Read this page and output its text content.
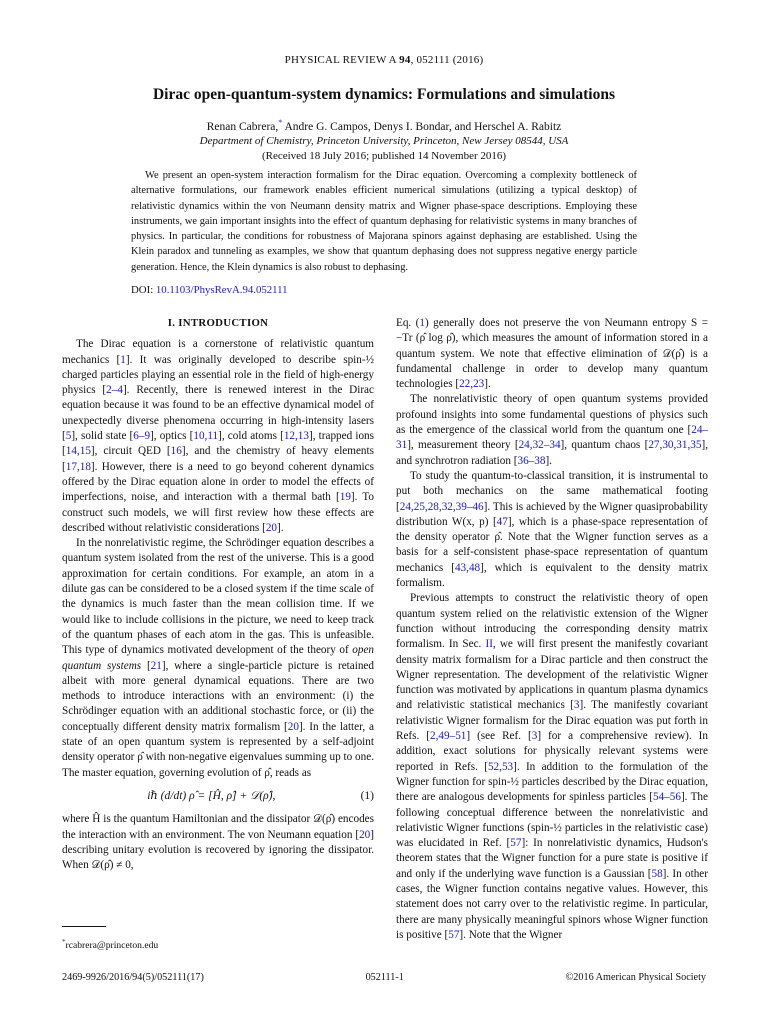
PHYSICAL REVIEW A 94, 052111 (2016)
Dirac open-quantum-system dynamics: Formulations and simulations
Renan Cabrera,* Andre G. Campos, Denys I. Bondar, and Herschel A. Rabitz
Department of Chemistry, Princeton University, Princeton, New Jersey 08544, USA
(Received 18 July 2016; published 14 November 2016)
We present an open-system interaction formalism for the Dirac equation. Overcoming a complexity bottleneck of alternative formulations, our framework enables efficient numerical simulations (utilizing a typical desktop) of relativistic dynamics within the von Neumann density matrix and Wigner phase-space descriptions. Employing these instruments, we gain important insights into the effect of quantum dephasing for relativistic systems in many branches of physics. In particular, the conditions for robustness of Majorana spinors against dephasing are established. Using the Klein paradox and tunneling as examples, we show that quantum dephasing does not suppress negative energy particle generation. Hence, the Klein dynamics is also robust to dephasing.
DOI: 10.1103/PhysRevA.94.052111
I. INTRODUCTION

The Dirac equation is a cornerstone of relativistic quantum mechanics [1]. It was originally developed to describe spin-½ charged particles playing an essential role in the field of high-energy physics [2–4]. Recently, there is renewed interest in the Dirac equation because it was found to be an effective dynamical model of unexpectedly diverse phenomena occurring in high-intensity lasers [5], solid state [6–9], optics [10,11], cold atoms [12,13], trapped ions [14,15], circuit QED [16], and the chemistry of heavy elements [17,18]. However, there is a need to go beyond coherent dynamics offered by the Dirac equation alone in order to model the effects of imperfections, noise, and interaction with a thermal bath [19]. To construct such models, we will first review how these effects are described without relativistic considerations [20].

In the nonrelativistic regime, the Schrödinger equation describes a quantum system isolated from the rest of the universe. This is a good approximation for certain conditions. For example, an atom in a dilute gas can be considered to be a closed system if the time scale of the dynamics is much faster than the mean collision time. If we would like to include collisions in the picture, we need to keep track of the quantum phases of each atom in the gas. This is unfeasible. This type of dynamics motivated development of the theory of open quantum systems [21], where a single-particle picture is retained albeit with more general dynamical equations. There are two methods to introduce interactions with an environment: (i) the Schrödinger equation with an additional stochastic force, or (ii) the conceptually different density matrix formalism [20]. In the latter, a state of an open quantum system is represented by a self-adjoint density operator ρ̂ with non-negative eigenvalues summing up to one. The master equation, governing evolution of ρ̂, reads as

iℏ (d/dt) ρ̂ = [Ĥ, ρ̂] + 𝒟(ρ̂),	(1)

where Ĥ is the quantum Hamiltonian and the dissipator 𝒟(ρ̂) encodes the interaction with an environment. The von Neumann equation [20] describing unitary evolution is recovered by ignoring the dissipator. When 𝒟(ρ̂) ≠ 0,

Eq. (1) generally does not preserve the von Neumann entropy S = −Tr (ρ̂ log ρ̂), which measures the amount of information stored in a quantum system. We note that effective elimination of 𝒟(ρ̂) is a fundamental challenge in order to develop many quantum technologies [22,23].

The nonrelativistic theory of open quantum systems provided profound insights into some fundamental questions of physics such as the emergence of the classical world from the quantum one [24–31], measurement theory [24,32–34], quantum chaos [27,30,31,35], and synchrotron radiation [36–38].

To study the quantum-to-classical transition, it is instrumental to put both mechanics on the same mathematical footing [24,25,28,32,39–46]. This is achieved by the Wigner quasiprobability distribution W(x, p) [47], which is a phase-space representation of the density operator ρ̂. Note that the Wigner function serves as a basis for a self-consistent phase-space representation of quantum mechanics [43,48], which is equivalent to the density matrix formalism.

Previous attempts to construct the relativistic theory of open quantum system relied on the relativistic extension of the Wigner function without introducing the corresponding density matrix formalism. In Sec. II, we will first present the manifestly covariant density matrix formalism for a Dirac particle and then construct the Wigner representation. The development of the relativistic Wigner function was motivated by applications in quantum plasma dynamics and relativistic statistical mechanics [3]. The manifestly covariant relativistic Wigner formalism for the Dirac equation was put forth in Refs. [2,49–51] (see Ref. [3] for a comprehensive review). In addition, exact solutions for physically relevant systems were reported in Refs. [52,53]. In addition to the formulation of the Wigner function for spin-½ particles described by the Dirac equation, there are analogous developments for spinless particles [54–56]. The following conceptual difference between the nonrelativistic and relativistic Wigner functions (spin-½ particles in the relativistic case) was elucidated in Ref. [57]: In nonrelativistic dynamics, Hudson's theorem states that the Wigner function for a pure state is positive if and only if the underlying wave function is a Gaussian [58]. In other cases, the Wigner function contains negative values. However, this statement does not carry over to the relativistic regime. In particular, there are many physically meaningful spinors whose Wigner function is positive [57]. Note that the Wigner

*rcabrera@princeton.edu
2469-9926/2016/94(5)/052111(17)	052111-1	©2016 American Physical Society
